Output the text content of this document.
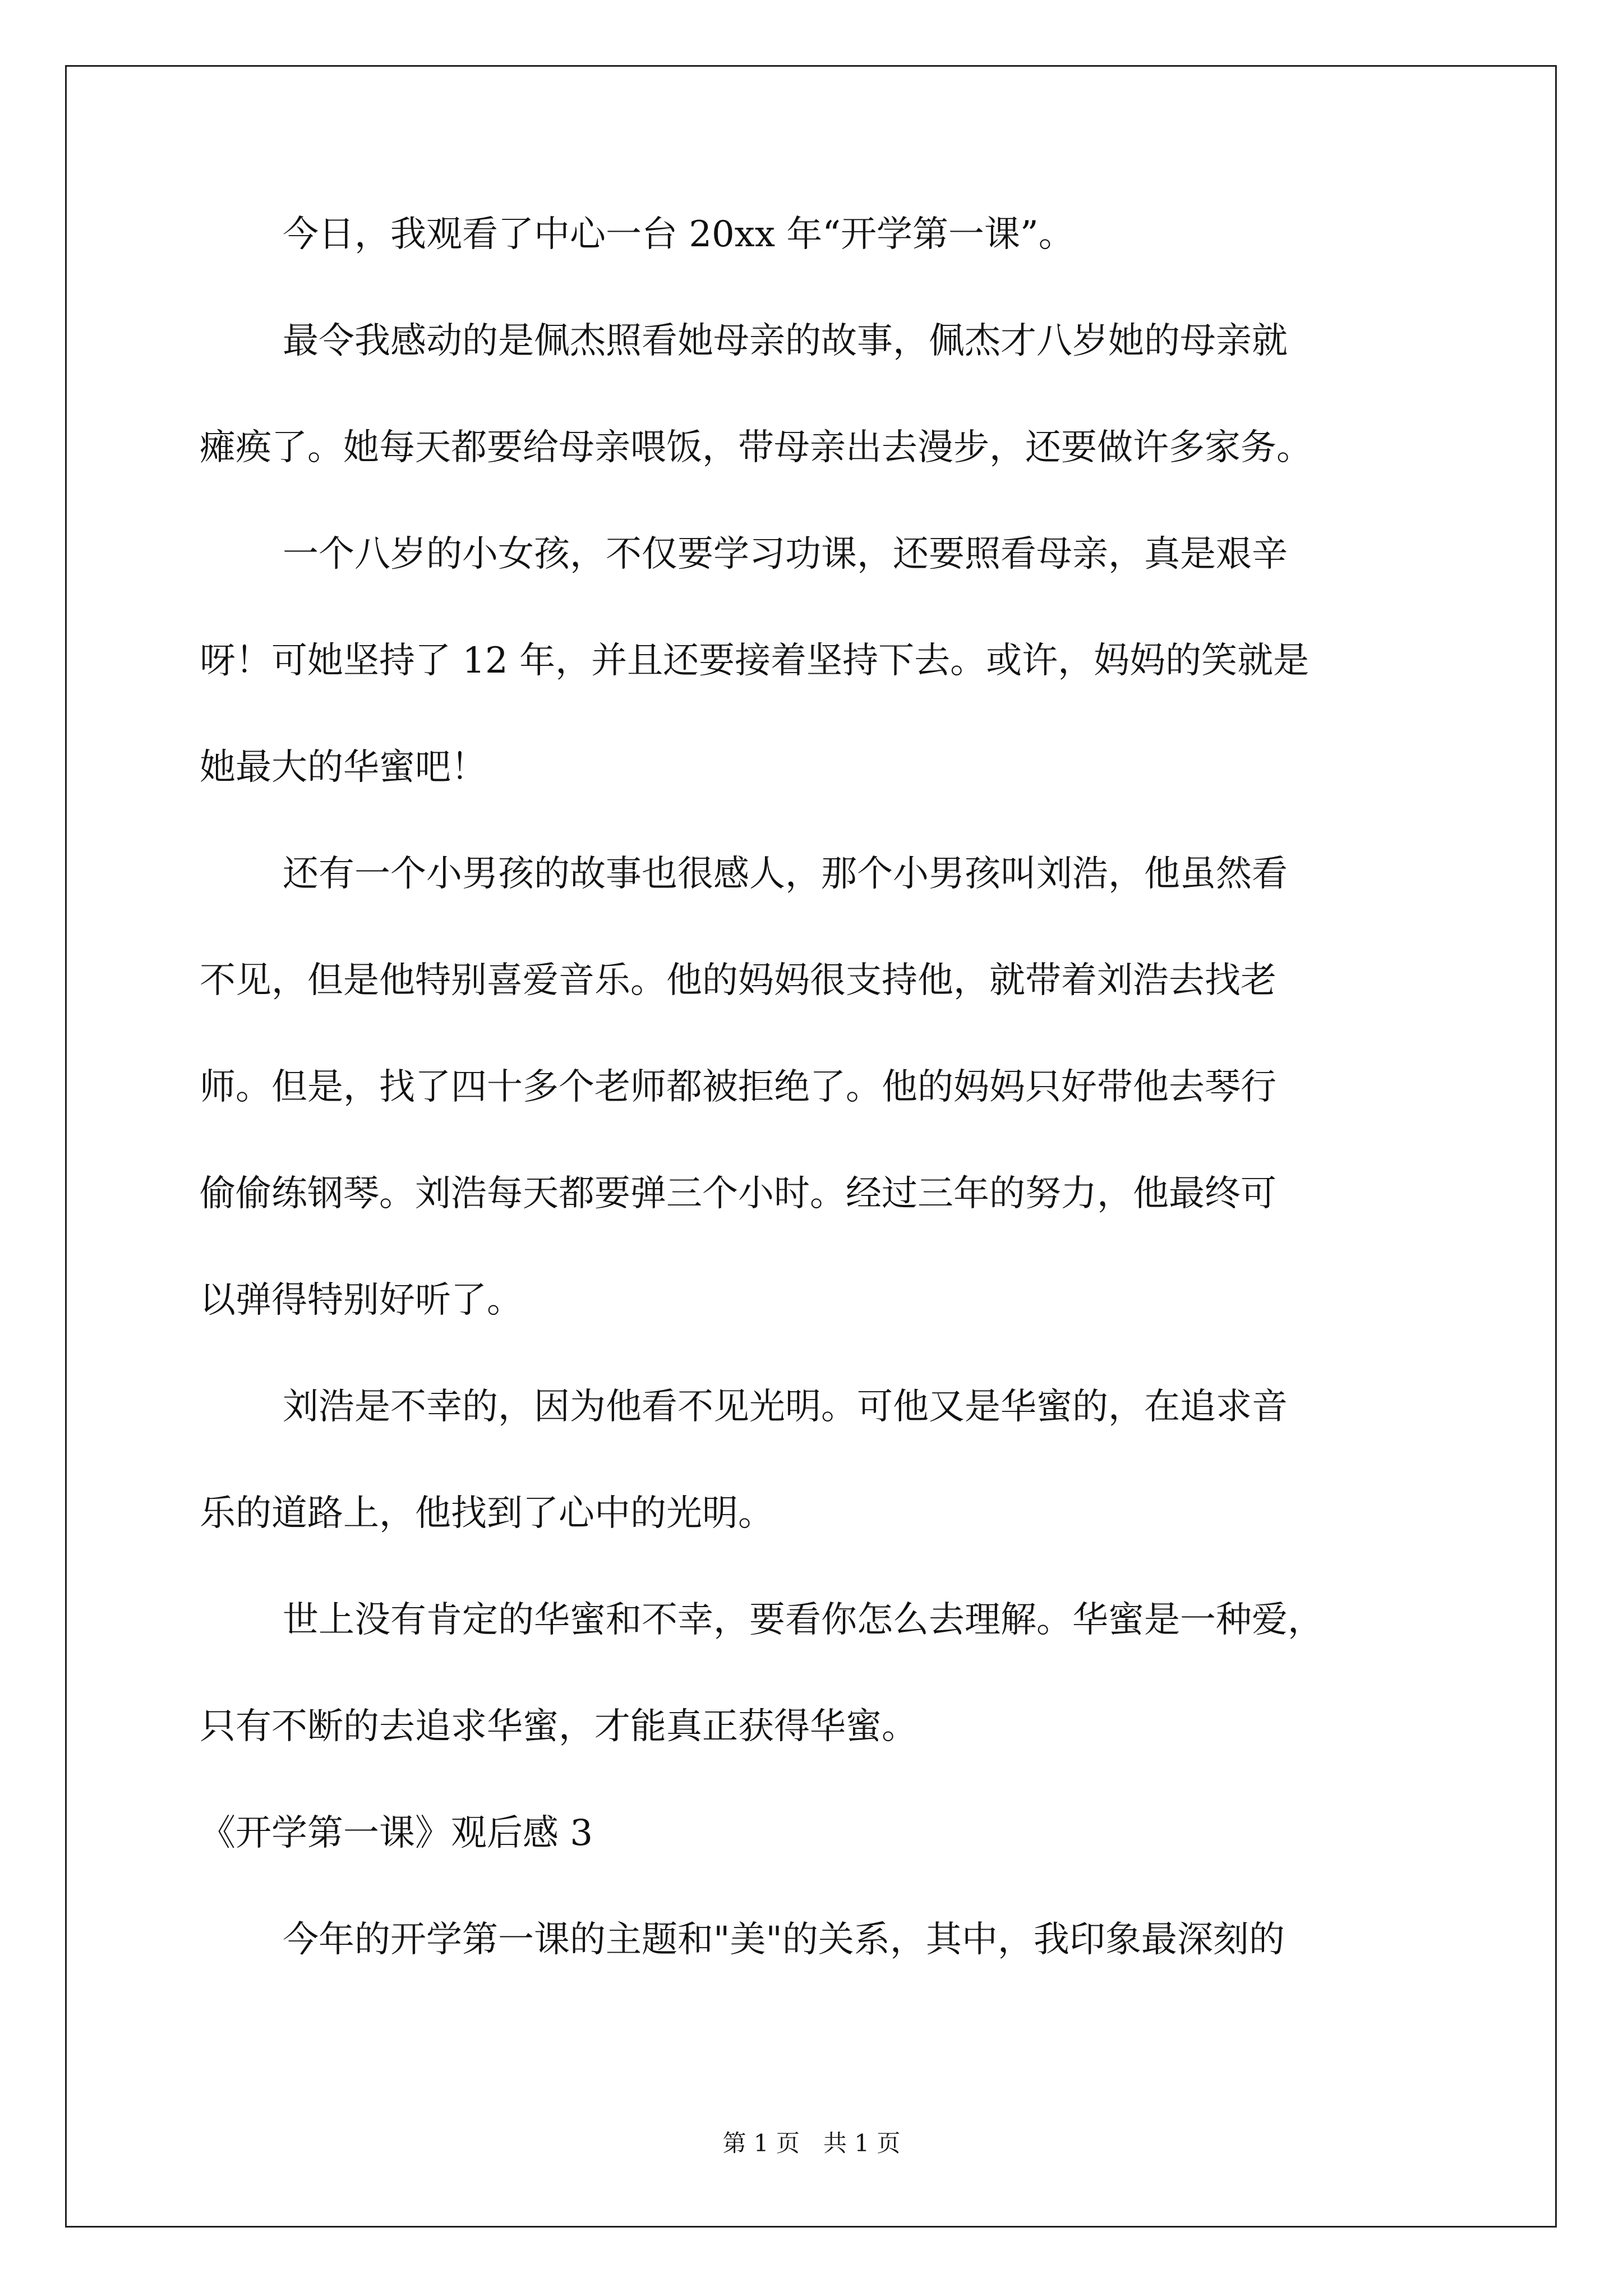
今日，我观看了中心一台 20xx 年“开学第一课”。
最令我感动的是佩杰照看她母亲的故事，佩杰才八岁她的母亲就
瘫痪了。她每天都要给母亲喂饭，带母亲出去漫步，还要做许多家务。
一个八岁的小女孩，不仅要学习功课，还要照看母亲，真是艰辛
呀！可她坚持了 12 年，并且还要接着坚持下去。或许，妈妈的笑就是
她最大的华蜜吧！
还有一个小男孩的故事也很感人，那个小男孩叫刘浩，他虽然看
不见，但是他特别喜爱音乐。他的妈妈很支持他，就带着刘浩去找老
师。但是，找了四十多个老师都被拒绝了。他的妈妈只好带他去琴行
偷偷练钢琴。刘浩每天都要弹三个小时。经过三年的努力，他最终可
以弹得特别好听了。
刘浩是不幸的，因为他看不见光明。可他又是华蜜的，在追求音
乐的道路上，他找到了心中的光明。
世上没有肯定的华蜜和不幸，要看你怎么去理解。华蜜是一种爱，
只有不断的去追求华蜜，才能真正获得华蜜。
《开学第一课》观后感 3
今年的开学第一课的主题和"美"的关系，其中，我印象最深刻的
第 1 页　共 1 页
